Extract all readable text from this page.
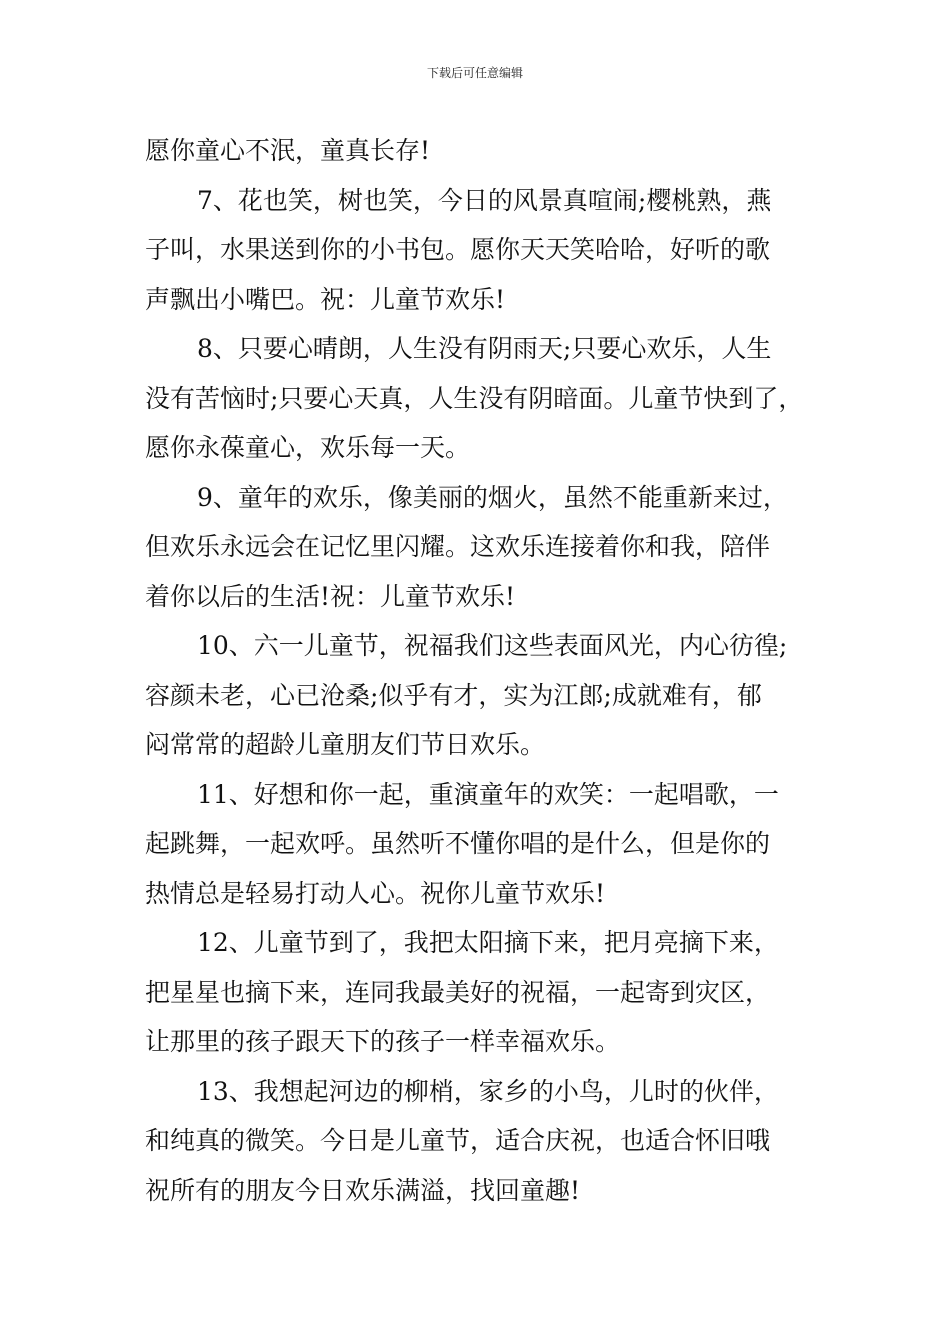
下载后可任意编辑

愿你童心不泯，童真长存!

7、花也笑，树也笑，今日的风景真喧闹;樱桃熟，燕
子叫，水果送到你的小书包。愿你天天笑哈哈，好听的歌
声飘出小嘴巴。祝：儿童节欢乐!

8、只要心晴朗，人生没有阴雨天;只要心欢乐，人生
没有苦恼时;只要心天真，人生没有阴暗面。儿童节快到了，
愿你永葆童心，欢乐每一天。

9、童年的欢乐，像美丽的烟火，虽然不能重新来过，
但欢乐永远会在记忆里闪耀。这欢乐连接着你和我，陪伴
着你以后的生活!祝：儿童节欢乐!

10、六一儿童节，祝福我们这些表面风光，内心彷徨;
容颜未老，心已沧桑;似乎有才，实为江郎;成就难有，郁
闷常常的超龄儿童朋友们节日欢乐。

11、好想和你一起，重演童年的欢笑：一起唱歌，一
起跳舞，一起欢呼。虽然听不懂你唱的是什么，但是你的
热情总是轻易打动人心。祝你儿童节欢乐!

12、儿童节到了，我把太阳摘下来，把月亮摘下来，
把星星也摘下来，连同我最美好的祝福，一起寄到灾区，
让那里的孩子跟天下的孩子一样幸福欢乐。

13、我想起河边的柳梢，家乡的小鸟，儿时的伙伴，
和纯真的微笑。今日是儿童节，适合庆祝，也适合怀旧哦
祝所有的朋友今日欢乐满溢，找回童趣!
